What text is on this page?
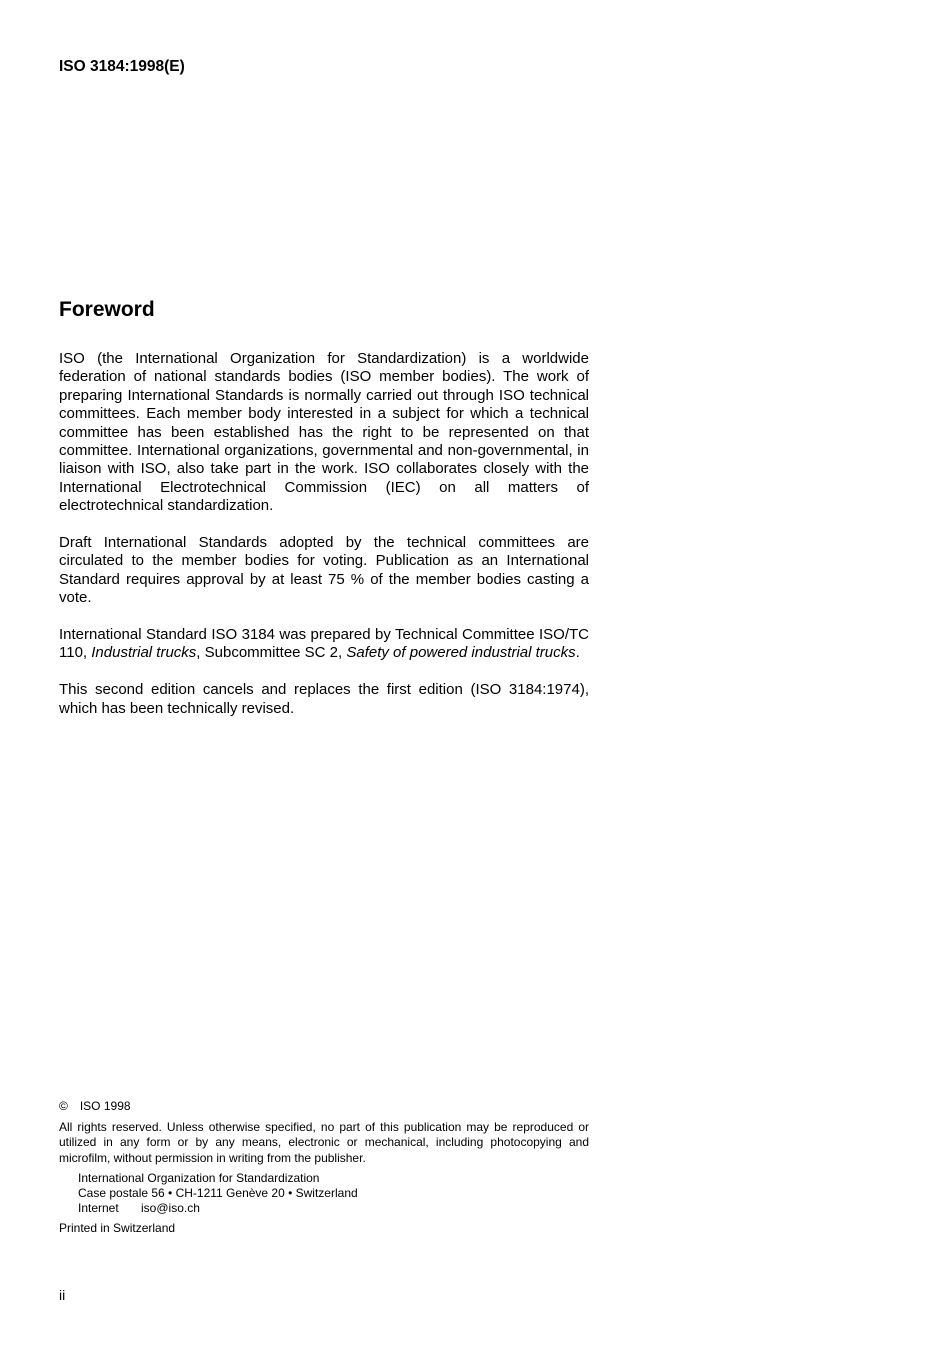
ISO 3184:1998(E)
Foreword

ISO (the International Organization for Standardization) is a worldwide federation of national standards bodies (ISO member bodies). The work of preparing International Standards is normally carried out through ISO technical committees. Each member body interested in a subject for which a technical committee has been established has the right to be represented on that committee. International organizations, governmental and non-governmental, in liaison with ISO, also take part in the work. ISO collaborates closely with the International Electrotechnical Commission (IEC) on all matters of electrotechnical standardization.

Draft International Standards adopted by the technical committees are circulated to the member bodies for voting. Publication as an International Standard requires approval by at least 75 % of the member bodies casting a vote.

International Standard ISO 3184 was prepared by Technical Committee ISO/TC 110, Industrial trucks, Subcommittee SC 2, Safety of powered industrial trucks.

This second edition cancels and replaces the first edition (ISO 3184:1974), which has been technically revised.

© ISO 1998

All rights reserved. Unless otherwise specified, no part of this publication may be reproduced or utilized in any form or by any means, electronic or mechanical, including photocopying and microfilm, without permission in writing from the publisher.

International Organization for Standardization

Case postale 56 • CH-1211 Genève 20 • Switzerland

Internet iso@iso.ch

Printed in Switzerland

ii
